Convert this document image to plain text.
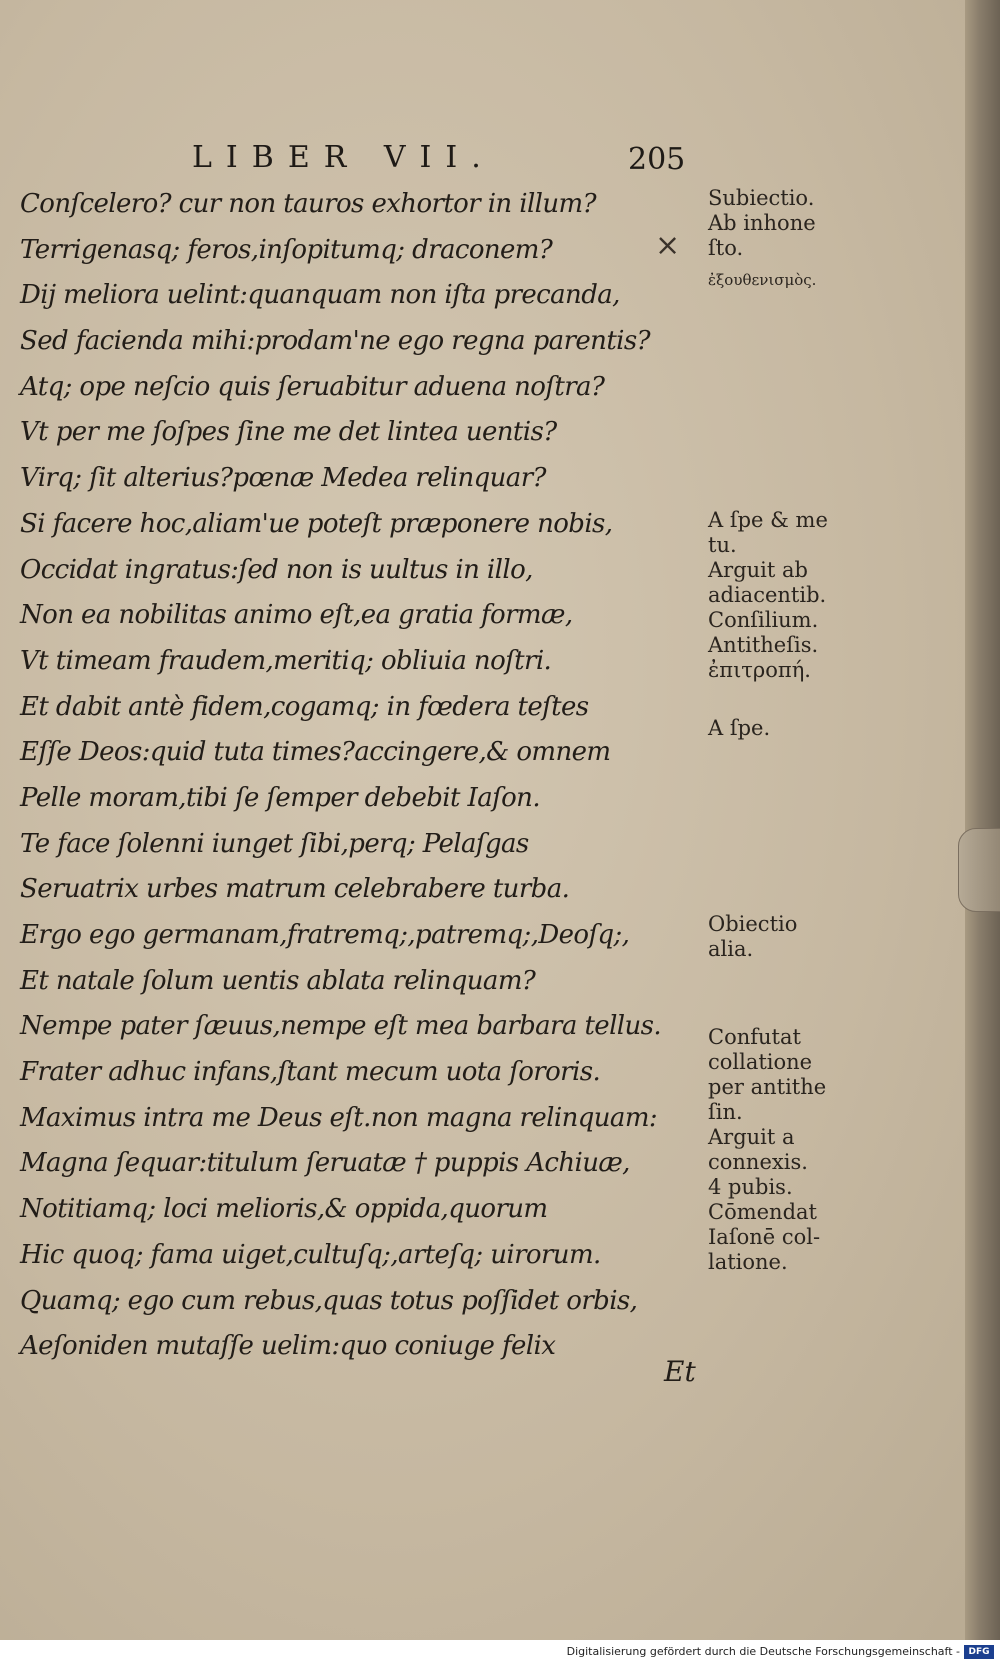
LIBER VII.	205
Conſcelero? cur non tauros exhortor in illum?
Terrigenasq; feros,inſopitumq; draconem?
Dij meliora uelint:quanquam non iſta precanda,
Sed facienda mihi:prodam'ne ego regna parentis?
Atq; ope neſcio quis ſeruabitur aduena noſtra?
Vt per me ſoſpes ſine me det lintea uentis?
Virq; ſit alterius?pœnæ Medea relinquar?
Si facere hoc,aliam'ue poteſt præponere nobis,
Occidat ingratus:ſed non is uultus in illo,
Non ea nobilitas animo eſt,ea gratia formæ,
Vt timeam fraudem,meritiq; obliuia noſtri.
Et dabit antè fidem,cogamq; in fœdera teſtes
Eſſe Deos:quid tuta times?accingere,& omnem
Pelle moram,tibi ſe ſemper debebit Iaſon.
Te face ſolenni iunget ſibi,perq; Pelaſgas
Seruatrix urbes matrum celebrabere turba.
Ergo ego germanam,fratremq;,patremq;,Deoſq;,
Et natale ſolum uentis ablata relinquam?
Nempe pater ſæuus,nempe eſt mea barbara tellus.
Frater adhuc infans,ſtant mecum uota ſororis.
Maximus intra me Deus eſt.non magna relinquam:
Magna ſequar:titulum ſeruatæ † puppis Achiuæ,
Notitiamq; loci melioris,& oppida,quorum
Hic quoq; fama uiget,cultuſq;,arteſq; uirorum.
Quamq; ego cum rebus,quas totus poſſidet orbis,
Aeſoniden mutaſſe uelim:quo coniuge felix
Subiectio.
Ab inhone
ſto.
ἐξουθενισμὸς.
A ſpe & me
tu.
Arguit ab
adiacentib.
Conſilium.
Antitheſis.
ἐπιτροπή.
A ſpe.
Obiectio
alia.
Confutat
collatione
per antithe
ſin.
Arguit a
connexis.
4 pubis.
Cōmendat
Iaſonē col-
latione.
×
Et
Digitalisierung gefördert durch die Deutsche Forschungsgemeinschaft - DFG
